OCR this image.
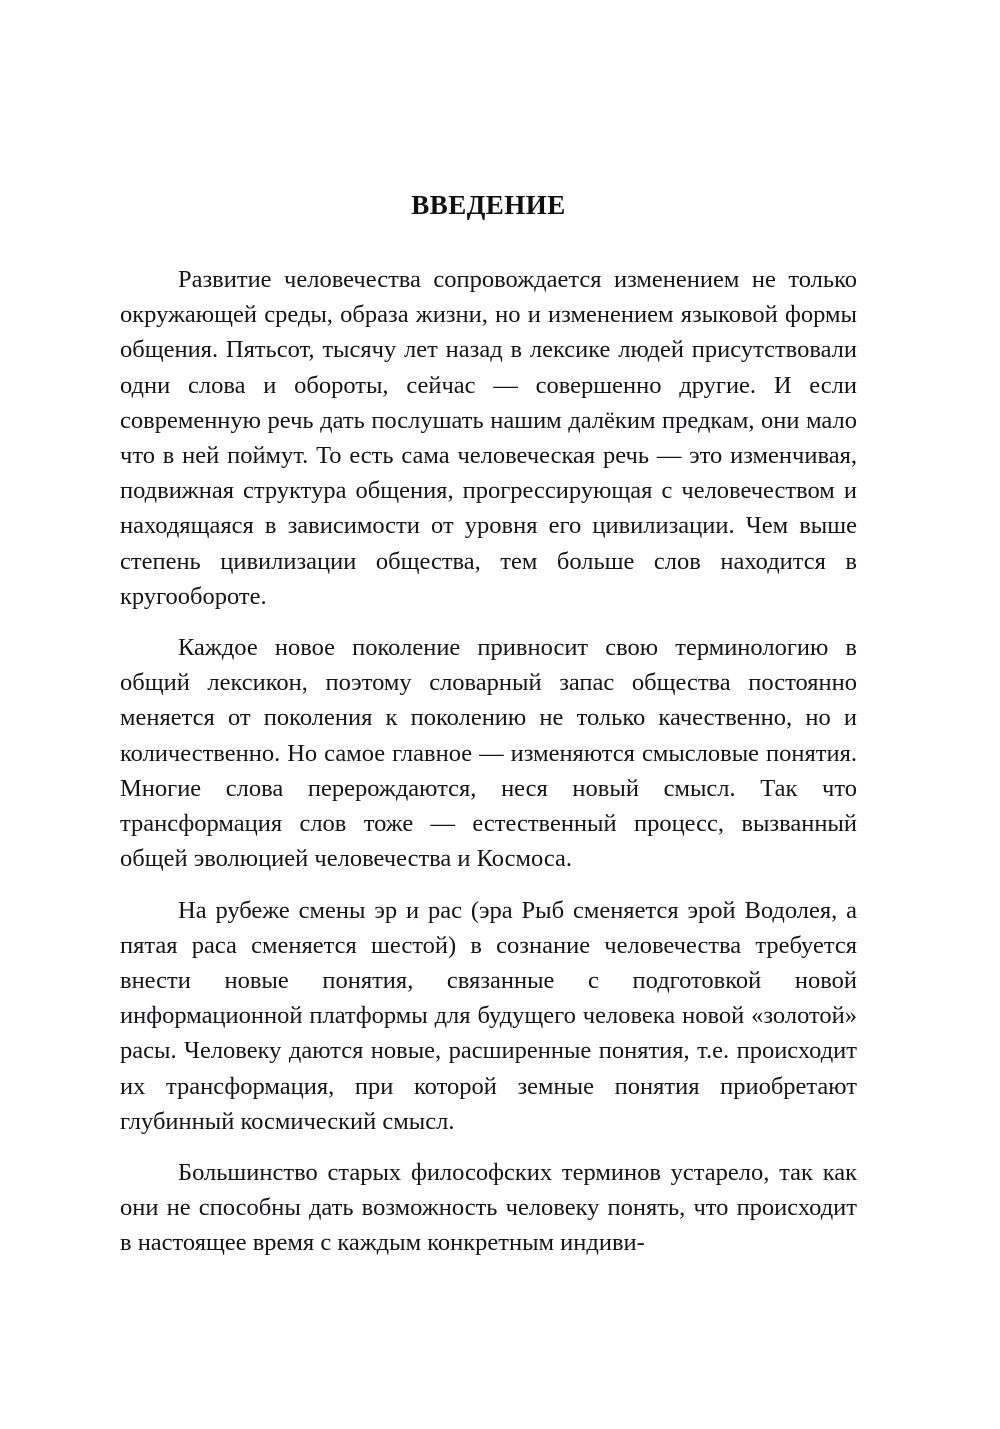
ВВЕДЕНИЕ

Развитие человечества сопровождается изменением не только окружающей среды, образа жизни, но и изменением языковой формы общения. Пятьсот, тысячу лет назад в лексике людей присутствовали одни слова и обороты, сейчас — совершенно другие. И если современную речь дать послушать нашим далёким предкам, они мало что в ней поймут. То есть сама человеческая речь — это изменчивая, подвижная структура общения, прогрессирующая с человечеством и находящаяся в зависимости от уровня его цивилизации. Чем выше степень цивилизации общества, тем больше слов находится в кругообороте.

Каждое новое поколение привносит свою терминологию в общий лексикон, поэтому словарный запас общества постоянно меняется от поколения к поколению не только качественно, но и количественно. Но самое главное — изменяются смысловые понятия. Многие слова перерождаются, неся новый смысл. Так что трансформация слов тоже — естественный процесс, вызванный общей эволюцией человечества и Космоса.

На рубеже смены эр и рас (эра Рыб сменяется эрой Водолея, а пятая раса сменяется шестой) в сознание человечества требуется внести новые понятия, связанные с подготовкой новой информационной платформы для будущего человека новой «золотой» расы. Человеку даются новые, расширенные понятия, т.е. происходит их трансформация, при которой земные понятия приобретают глубинный космический смысл.

Большинство старых философских терминов устарело, так как они не способны дать возможность человеку понять, что происходит в настоящее время с каждым конкретным индиви-
